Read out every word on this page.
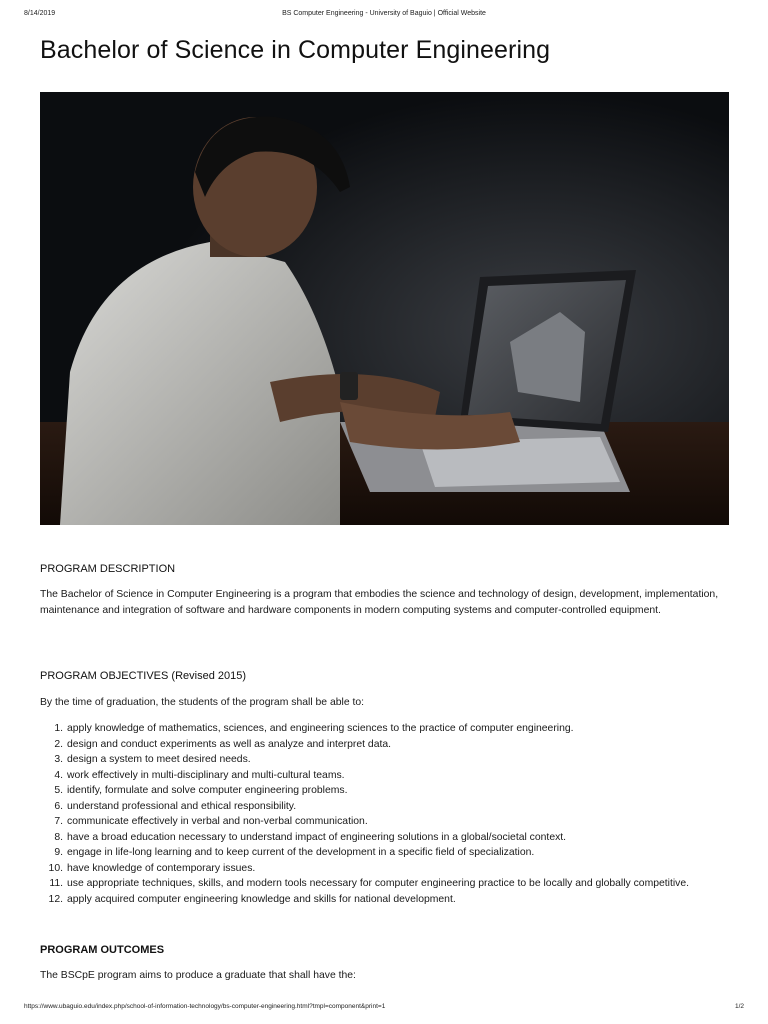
8/14/2019	BS Computer Engineering - University of Baguio | Official Website
Bachelor of Science in Computer Engineering
PROGRAM DESCRIPTION

The Bachelor of Science in Computer Engineering is a program that embodies the science and technology of design, development, implementation, maintenance and integration of software and hardware components in modern computing systems and computer-controlled equipment.

PROGRAM OBJECTIVES (Revised 2015)

By the time of graduation, the students of the program shall be able to:

1. apply knowledge of mathematics, sciences, and engineering sciences to the practice of computer engineering.
2. design and conduct experiments as well as analyze and interpret data.
3. design a system to meet desired needs.
4. work effectively in multi-disciplinary and multi-cultural teams.
5. identify, formulate and solve computer engineering problems.
6. understand professional and ethical responsibility.
7. communicate effectively in verbal and non-verbal communication.
8. have a broad education necessary to understand impact of engineering solutions in a global/societal context.
9. engage in life-long learning and to keep current of the development in a specific field of specialization.
10. have knowledge of contemporary issues.
11. use appropriate techniques, skills, and modern tools necessary for computer engineering practice to be locally and globally competitive.
12. apply acquired computer engineering knowledge and skills for national development.
PROGRAM OUTCOMES

The BSCpE program aims to produce a graduate that shall have the:

https://www.ubaguio.edu/index.php/school-of-information-technology/bs-computer-engineering.html?tmpl=component&print=1	1/2
